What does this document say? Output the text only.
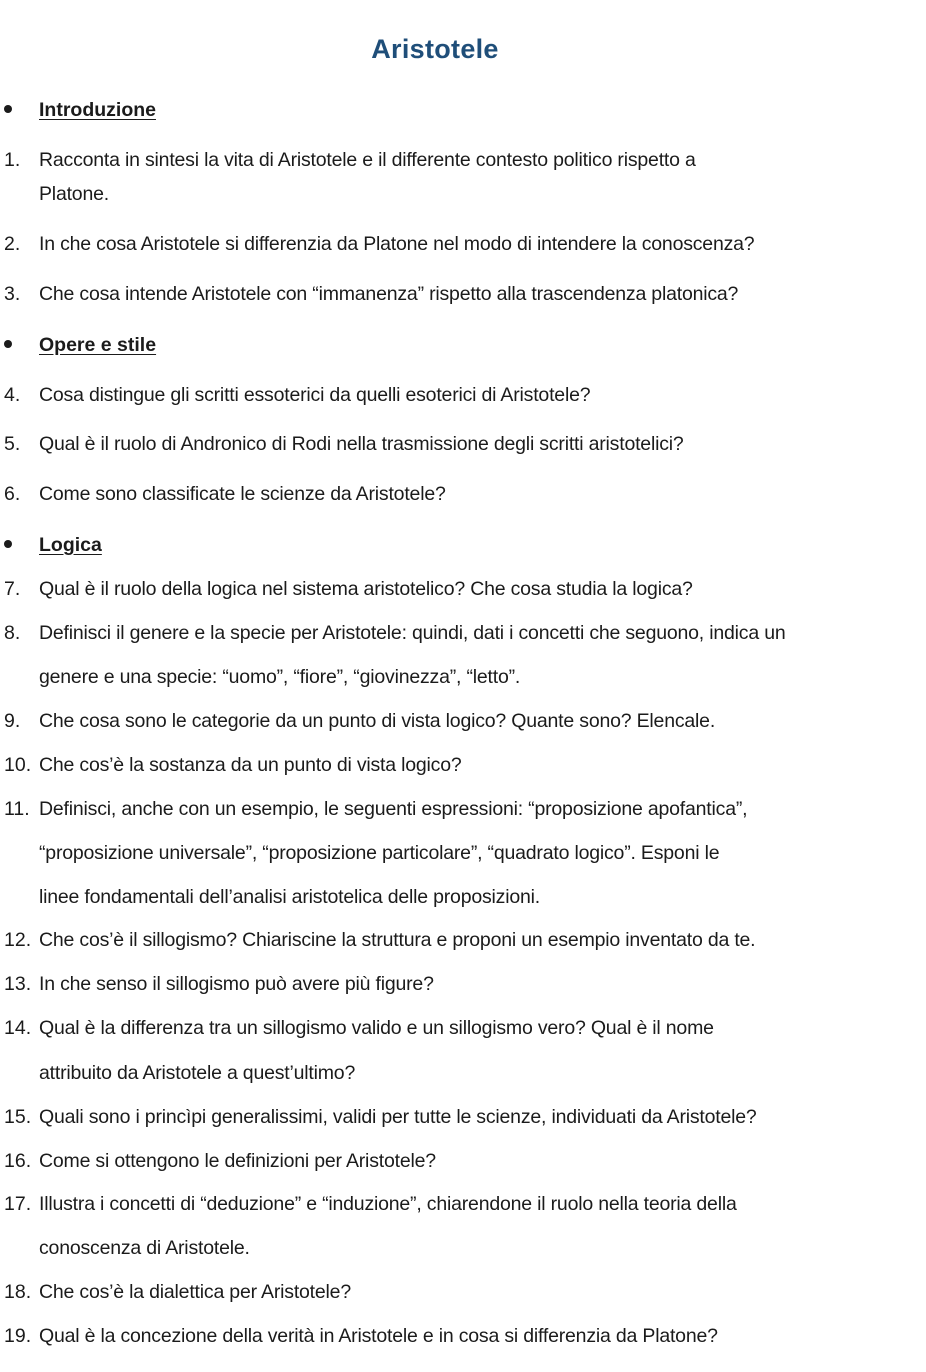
Aristotele
Introduzione
1. Racconta in sintesi la vita di Aristotele e il differente contesto politico rispetto a
Platone.
2. In che cosa Aristotele si differenzia da Platone nel modo di intendere la conoscenza?
3. Che cosa intende Aristotele con “immanenza” rispetto alla trascendenza platonica?
Opere e stile
4. Cosa distingue gli scritti essoterici da quelli esoterici di Aristotele?
5. Qual è il ruolo di Andronico di Rodi nella trasmissione degli scritti aristotelici?
6. Come sono classificate le scienze da Aristotele?
Logica
7. Qual è il ruolo della logica nel sistema aristotelico? Che cosa studia la logica?
8. Definisci il genere e la specie per Aristotele: quindi, dati i concetti che seguono, indica un
genere e una specie: “uomo”, “fiore”, “giovinezza”, “letto”.
9. Che cosa sono le categorie da un punto di vista logico? Quante sono? Elencale.
10. Che cos’è la sostanza da un punto di vista logico?
11. Definisci, anche con un esempio, le seguenti espressioni: “proposizione apofantica”,
“proposizione universale”, “proposizione particolare”, “quadrato logico”. Esponi le
linee fondamentali dell’analisi aristotelica delle proposizioni.
12. Che cos’è il sillogismo? Chiariscine la struttura e proponi un esempio inventato da te.
13. In che senso il sillogismo può avere più figure?
14. Qual è la differenza tra un sillogismo valido e un sillogismo vero? Qual è il nome
attribuito da Aristotele a quest’ultimo?
15. Quali sono i princìpi generalissimi, validi per tutte le scienze, individuati da Aristotele?
16. Come si ottengono le definizioni per Aristotele?
17. Illustra i concetti di “deduzione” e “induzione”, chiarendone il ruolo nella teoria della
conoscenza di Aristotele.
18. Che cos’è la dialettica per Aristotele?
19. Qual è la concezione della verità in Aristotele e in cosa si differenzia da Platone?
